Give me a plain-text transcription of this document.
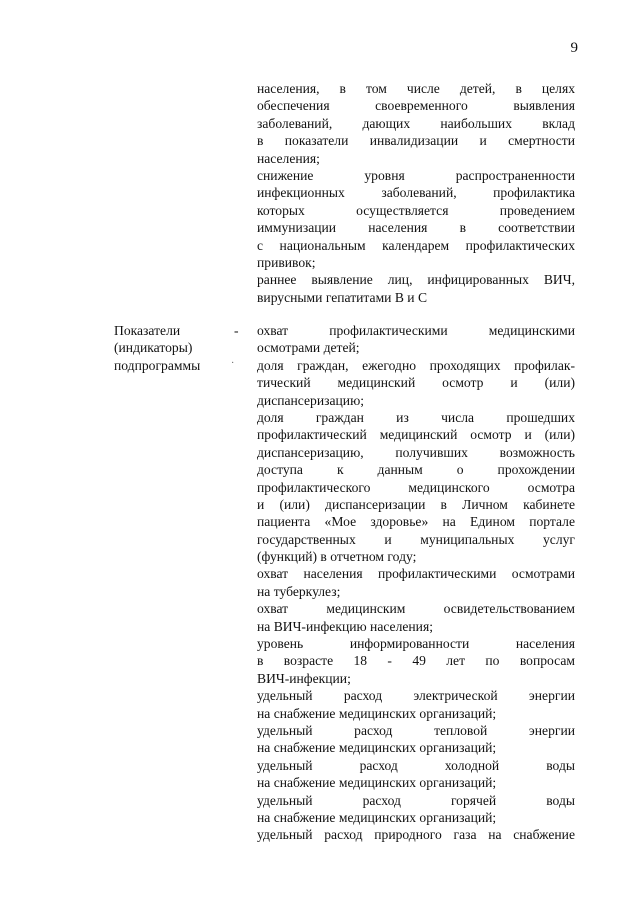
9
населения, в том числе детей, в целях
обеспечения своевременного выявления
заболеваний, дающих наибольших вклад
в показатели инвалидизации и смертности
населения;
снижение уровня распространенности
инфекционных заболеваний, профилактика
которых осуществляется проведением
иммунизации населения в соответствии
с национальным календарем профилактических
прививок;
раннее выявление лиц, инфицированных ВИЧ,
вирусными гепатитами В и С
Показатели
(индикаторы)
подпрограммы
-
·
охват профилактическими медицинскими
осмотрами детей;
доля граждан, ежегодно проходящих профилак-
тический медицинский осмотр и (или)
диспансеризацию;
доля граждан из числа прошедших
профилактический медицинский осмотр и (или)
диспансеризацию, получивших возможность
доступа к данным о прохождении
профилактического медицинского осмотра
и (или) диспансеризации в Личном кабинете
пациента «Мое здоровье» на Едином портале
государственных и муниципальных услуг
(функций) в отчетном году;
охват населения профилактическими осмотрами
на туберкулез;
охват медицинским освидетельствованием
на ВИЧ-инфекцию населения;
уровень информированности населения
в возрасте 18 - 49 лет по вопросам
ВИЧ-инфекции;
удельный расход электрической энергии
на снабжение медицинских организаций;
удельный расход тепловой энергии
на снабжение медицинских организаций;
удельный расход холодной воды
на снабжение медицинских организаций;
удельный расход горячей воды
на снабжение медицинских организаций;
удельный расход природного газа на снабжение
